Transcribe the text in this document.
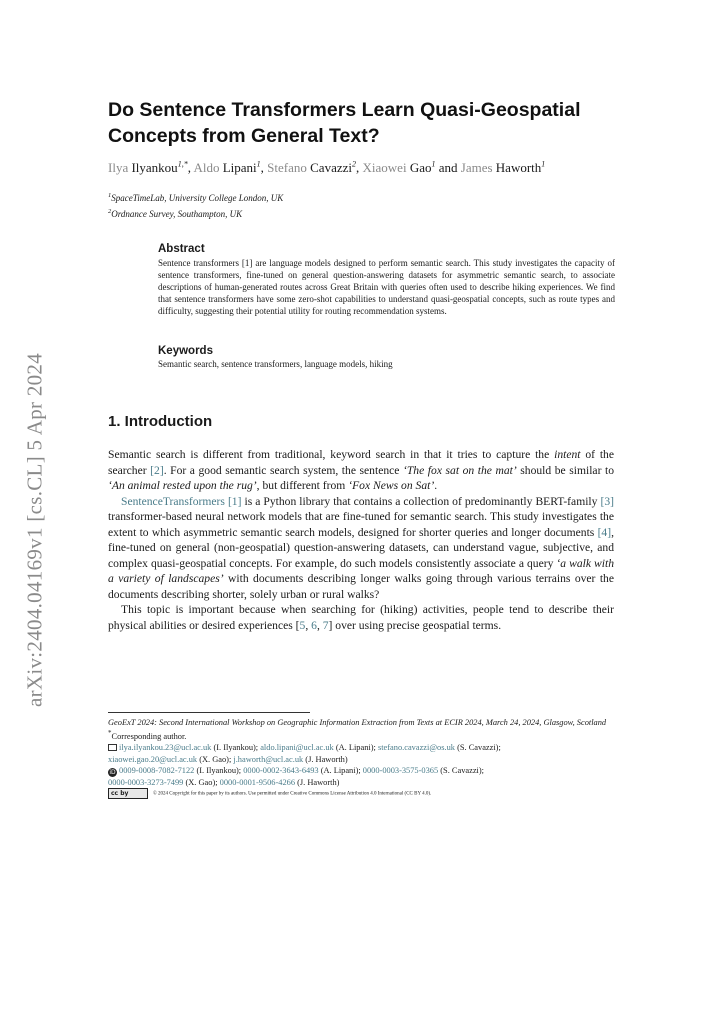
arXiv:2404.04169v1 [cs.CL] 5 Apr 2024
Do Sentence Transformers Learn Quasi-Geospatial Concepts from General Text?
Ilya Ilyankou$^{1,*}$, Aldo Lipani$^1$, Stefano Cavazzi$^2$, Xiaowei Gao$^1$ and James Haworth$^1$
$^1$SpaceTimeLab, University College London, UK
$^2$Ordnance Survey, Southampton, UK
Abstract

Sentence transformers [1] are language models designed to perform semantic search. This study investigates the capacity of sentence transformers, fine-tuned on general question-answering datasets for asymmetric semantic search, to associate descriptions of human-generated routes across Great Britain with queries often used to describe hiking experiences. We find that sentence transformers have some zero-shot capabilities to understand quasi-geospatial concepts, such as route types and difficulty, suggesting their potential utility for routing recommendation systems.

Keywords

Semantic search, sentence transformers, language models, hiking

1. Introduction

Semantic search is different from traditional, keyword search in that it tries to capture the intent of the searcher [2]. For a good semantic search system, the sentence ‘The fox sat on the mat’ should be similar to ‘An animal rested upon the rug’, but different from ‘Fox News on Sat’.

SentenceTransformers [1] is a Python library that contains a collection of predominantly BERT-family [3] transformer-based neural network models that are fine-tuned for semantic search. This study investigates the extent to which asymmetric semantic search models, designed for shorter queries and longer documents [4], fine-tuned on general (non-geospatial) question-answering datasets, can understand vague, subjective, and complex quasi-geospatial concepts. For example, do such models consistently associate a query ‘a walk with a variety of landscapes’ with documents describing longer walks going through various terrains over the documents describing shorter, solely urban or rural walks?

This topic is important because when searching for (hiking) activities, people tend to describe their physical abilities or desired experiences [5, 6, 7] over using precise geospatial terms.

GeoExT 2024: Second International Workshop on Geographic Information Extraction from Texts at ECIR 2024, March 24, 2024, Glasgow, Scotland
*Corresponding author.
ilya.ilyankou.23@ucl.ac.uk (I. Ilyankou); aldo.lipani@ucl.ac.uk (A. Lipani); stefano.cavazzi@os.uk (S. Cavazzi);
xiaowei.gao.20@ucl.ac.uk (X. Gao); j.haworth@ucl.ac.uk (J. Haworth)
iD 0009-0008-7082-7122 (I. Ilyankou); 0000-0002-3643-6493 (A. Lipani); 0000-0003-3575-0365 (S. Cavazzi);
0000-0003-3273-7499 (X. Gao); 0000-0001-9506-4266 (J. Haworth)
cc by	© 2024 Copyright for this paper by its authors. Use permitted under Creative Commons License Attribution 4.0 International (CC BY 4.0).
